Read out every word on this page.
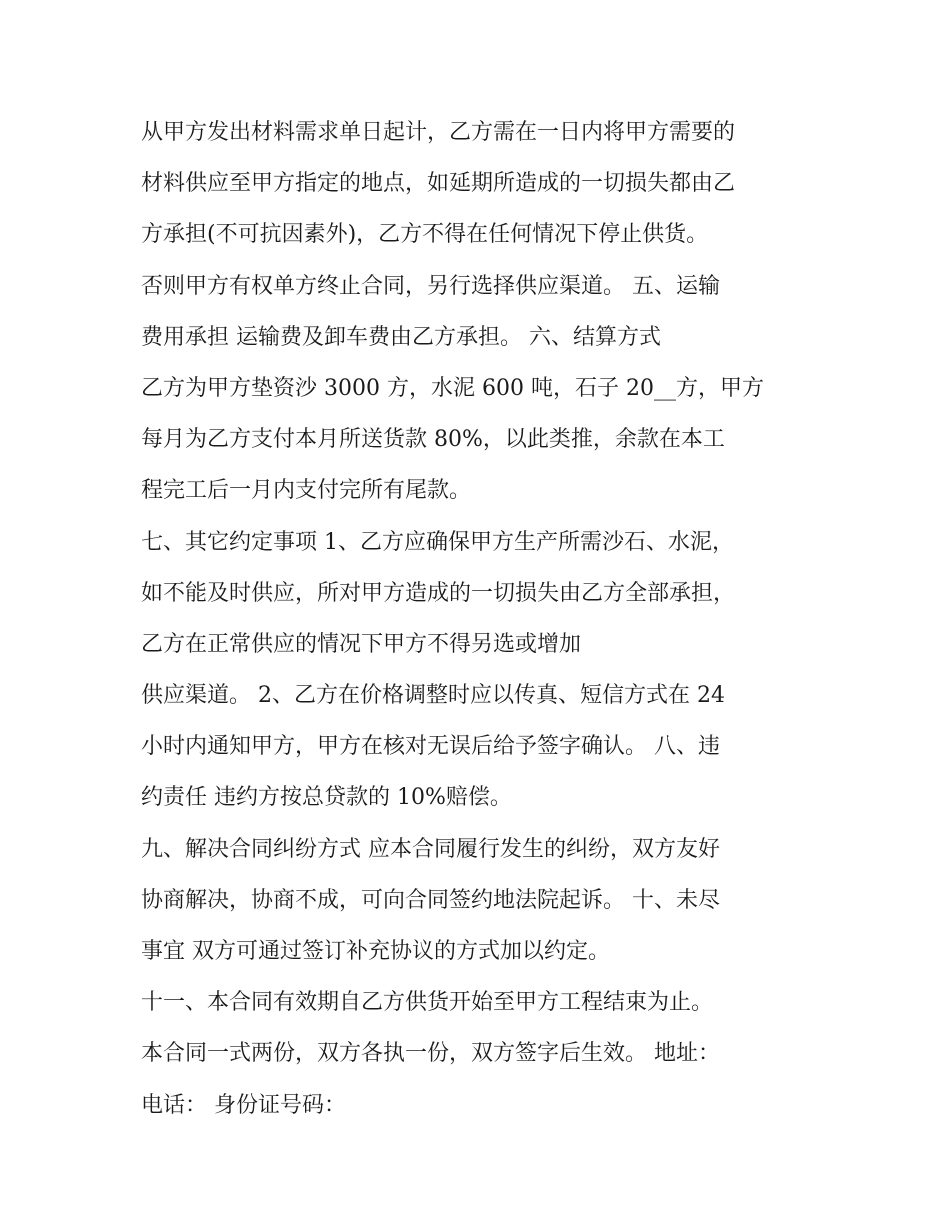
从甲方发出材料需求单日起计，乙方需在一日内将甲方需要的
材料供应至甲方指定的地点，如延期所造成的一切损失都由乙
方承担(不可抗因素外)，乙方不得在任何情况下停止供货。
否则甲方有权单方终止合同，另行选择供应渠道。 五、运输
费用承担 运输费及卸车费由乙方承担。 六、结算方式
乙方为甲方垫资沙 3000 方，水泥 600 吨，石子 20__方，甲方
每月为乙方支付本月所送货款 80%，以此类推，余款在本工
程完工后一月内支付完所有尾款。
七、其它约定事项 1、乙方应确保甲方生产所需沙石、水泥，
如不能及时供应，所对甲方造成的一切损失由乙方全部承担，
乙方在正常供应的情况下甲方不得另选或增加
供应渠道。 2、乙方在价格调整时应以传真、短信方式在 24
小时内通知甲方，甲方在核对无误后给予签字确认。 八、违
约责任 违约方按总贷款的 10%赔偿。
九、解决合同纠纷方式 应本合同履行发生的纠纷，双方友好
协商解决，协商不成，可向合同签约地法院起诉。 十、未尽
事宜 双方可通过签订补充协议的方式加以约定。
十一、本合同有效期自乙方供货开始至甲方工程结束为止。
本合同一式两份，双方各执一份，双方签字后生效。 地址：
电话： 身份证号码：
